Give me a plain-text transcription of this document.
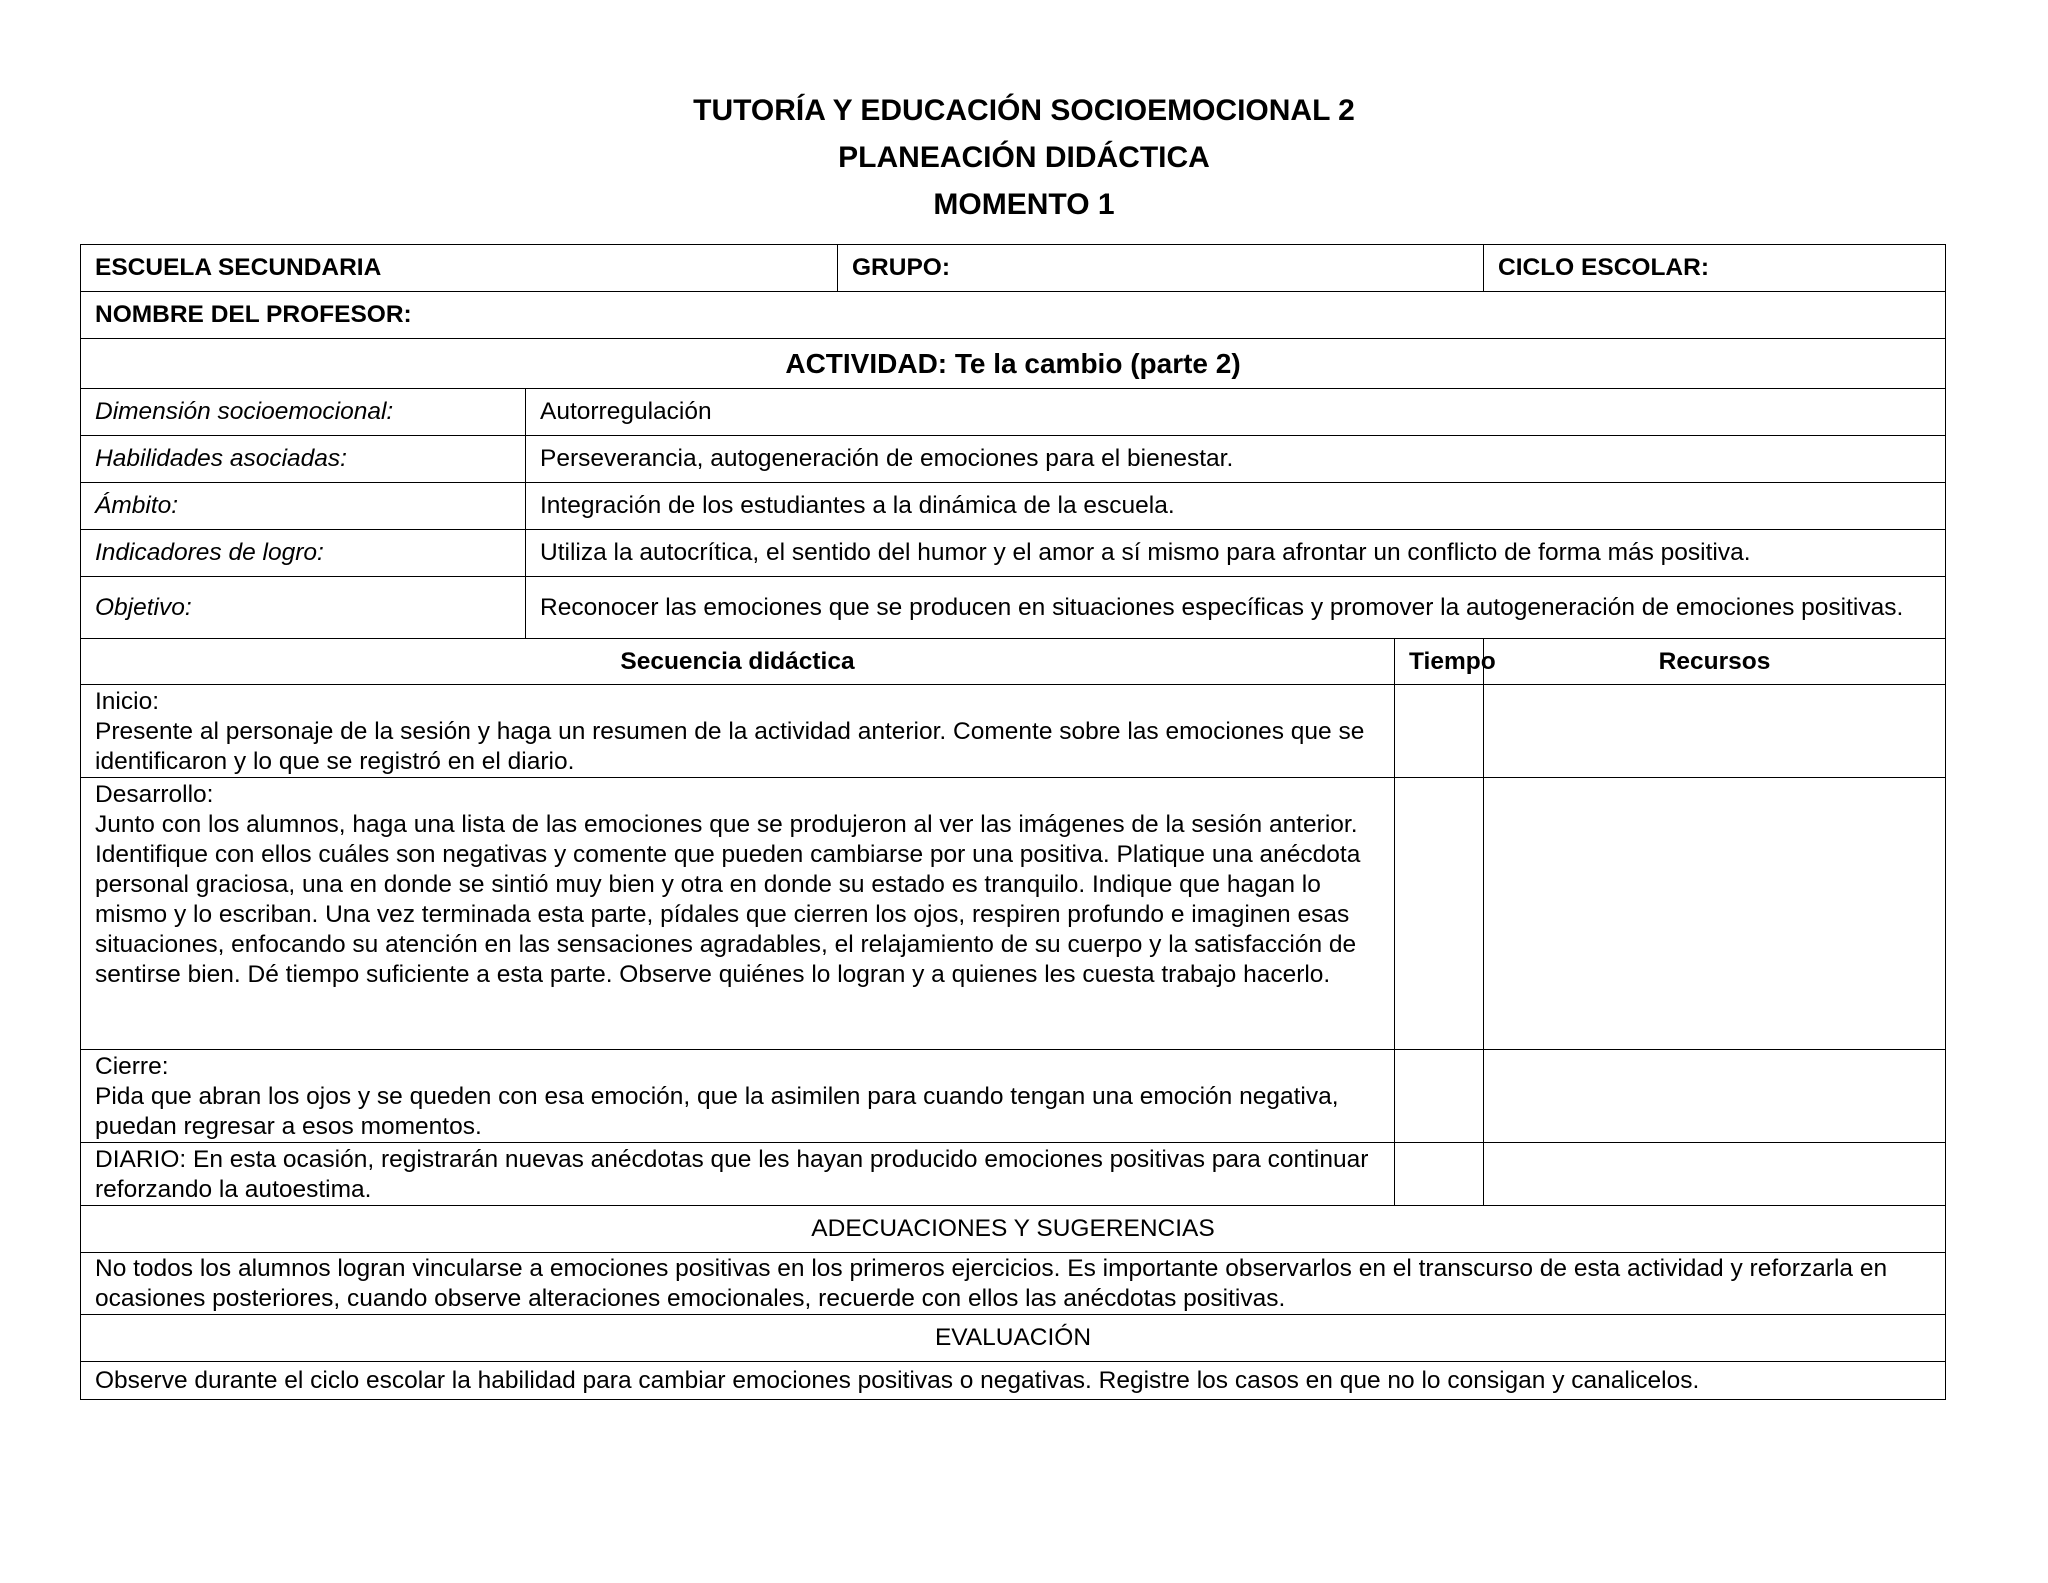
TUTORÍA Y EDUCACIÓN SOCIOEMOCIONAL 2
PLANEACIÓN DIDÁCTICA
MOMENTO 1
ESCUELA SECUNDARIA		GRUPO:		CICLO ESCOLAR:
NOMBRE DEL PROFESOR:				
ACTIVIDAD: Te la cambio (parte 2)				
Dimensión socioemocional:	Autorregulación			
Habilidades asociadas:	Perseverancia, autogeneración de emociones para el bienestar.			
Ámbito:	Integración de los estudiantes a la dinámica de la escuela.			
Indicadores de logro:	Utiliza la autocrítica, el sentido del humor y el amor a sí mismo para afrontar un conflicto de forma más positiva.			
Objetivo:	Reconocer las emociones que se producen en situaciones específicas y promover la autogeneración de emociones positivas.			
Secuencia didáctica			Tiempo	Recursos

Inicio:
Presente al personaje de la sesión y haga un resumen de la actividad anterior. Comente sobre las emociones que se identificaron y lo que se registró en el diario.				

Desarrollo:
Junto con los alumnos, haga una lista de las emociones que se produjeron al ver las imágenes de la sesión anterior. Identifique con ellos cuáles son negativas y comente que pueden cambiarse por una positiva. Platique una anécdota personal graciosa, una en donde se sintió muy bien y otra en donde su estado es tranquilo. Indique que hagan lo mismo y lo escriban. Una vez terminada esta parte, pídales que cierren los ojos, respiren profundo e imaginen esas situaciones, enfocando su atención en las sensaciones agradables, el relajamiento de su cuerpo y la satisfacción de sentirse bien. Dé tiempo suficiente a esta parte. Observe quiénes lo logran y a quienes les cuesta trabajo hacerlo.				

Cierre:
Pida que abran los ojos y se queden con esa emoción, que la asimilen para cuando tengan una emoción negativa, puedan regresar a esos momentos.				

DIARIO: En esta ocasión, registrarán nuevas anécdotas que les hayan producido emociones positivas para continuar reforzando la autoestima.				
ADECUACIONES Y SUGERENCIAS				
No todos los alumnos logran vincularse a emociones positivas en los primeros ejercicios. Es importante observarlos en el transcurso de esta actividad y reforzarla en ocasiones posteriores, cuando observe alteraciones emocionales, recuerde con ellos las anécdotas positivas.				
EVALUACIÓN				
Observe durante el ciclo escolar la habilidad para cambiar emociones positivas o negativas. Registre los casos en que no lo consigan y canalicelos.				
